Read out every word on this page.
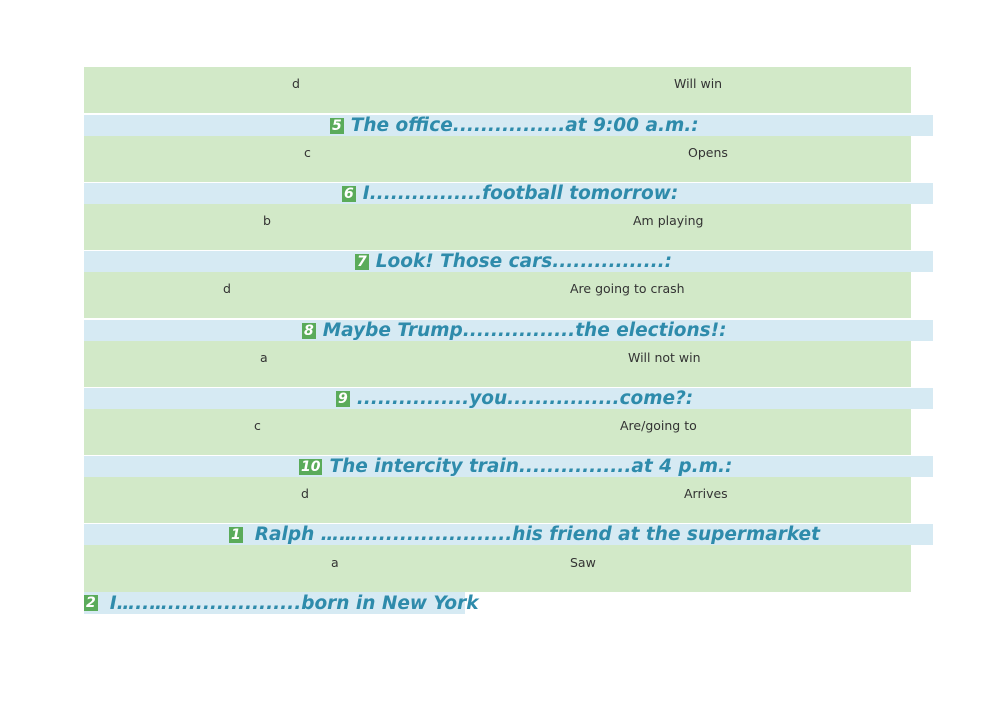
d	Will win
5 The office................at 9:00 a.m.:
c	Opens
6 I................football tomorrow:
b	Am playing
7 Look! Those cars................:
d	Are going to crash
8 Maybe Trump................the elections!:
a	Will not win
9 ................you................come?:
c	Are/going to
10 The intercity train................at 4 p.m.:
d	Arrives
1 Ralph ……......................his friend at the supermarket
a	Saw
2 I…..…...................born in New York
